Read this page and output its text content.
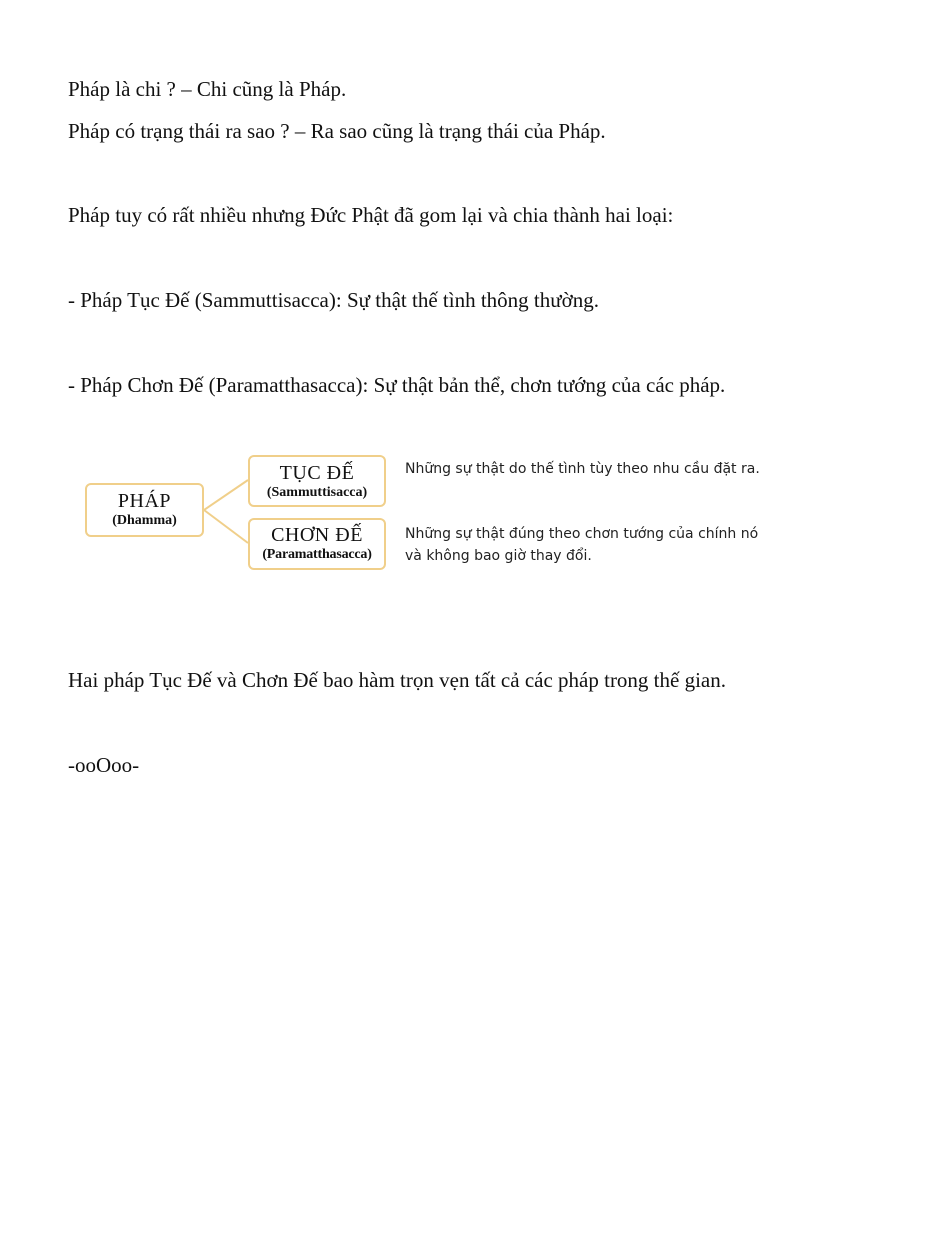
Pháp là chi ? – Chi cũng là Pháp.

Pháp có trạng thái ra sao ? – Ra sao cũng là trạng thái của Pháp.

Pháp tuy có rất nhiều nhưng Đức Phật đã gom lại và chia thành hai loại:

- Pháp Tục Đế (Sammuttisacca): Sự thật thế tình thông thường.

- Pháp Chơn Đế (Paramatthasacca): Sự thật bản thể, chơn tướng của các pháp.

PHÁP
(Dhamma)
TỤC ĐẾ
(Sammuttisacca)
CHƠN ĐẾ
(Paramatthasacca)
Những sự thật do thế tình tùy theo nhu cầu đặt ra.
Những sự thật đúng theo chơn tướng của chính nó
và không bao giờ thay đổi.

Hai pháp Tục Đế và Chơn Đế bao hàm trọn vẹn tất cả các pháp trong thế gian.

-ooOoo-
